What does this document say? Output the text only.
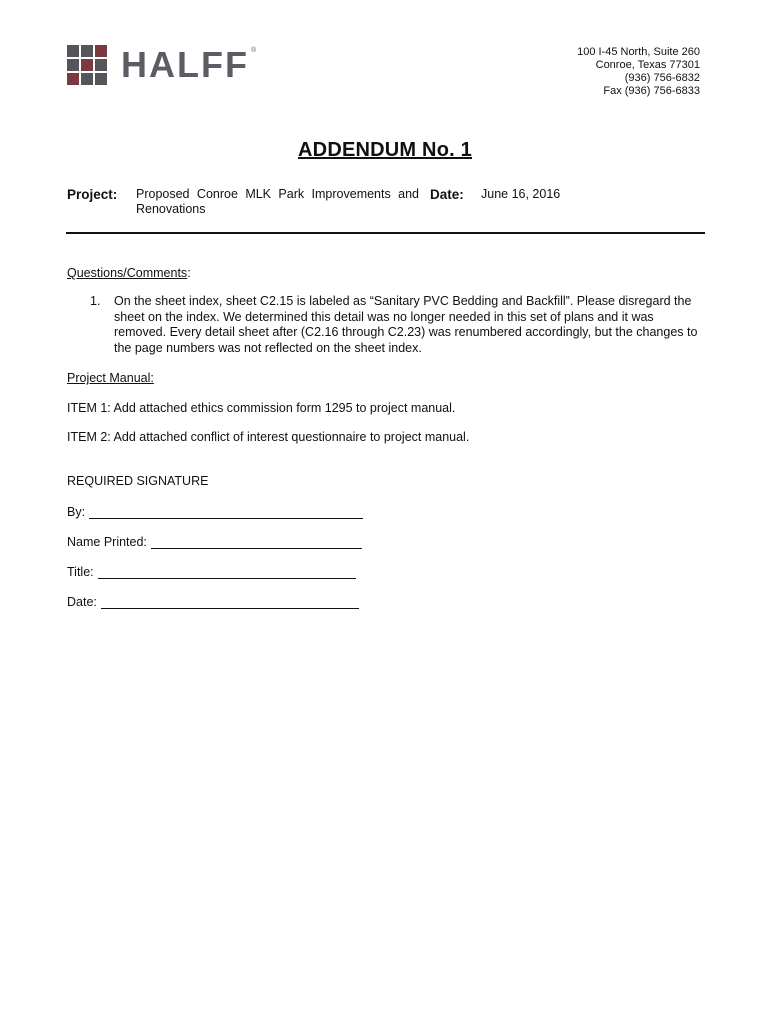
HALFF ®	100 I-45 North, Suite 260
Conroe, Texas 77301
(936) 756-6832
Fax (936) 756-6833
ADDENDUM No. 1
Project: Proposed Conroe MLK Park Improvements and Renovations
Date: June 16, 2016
Questions/Comments:
1. On the sheet index, sheet C2.15 is labeled as “Sanitary PVC Bedding and Backfill”. Please disregard the sheet on the index. We determined this detail was no longer needed in this set of plans and it was removed. Every detail sheet after (C2.16 through C2.23) was renumbered accordingly, but the changes to the page numbers was not reflected on the sheet index.
Project Manual:
ITEM 1: Add attached ethics commission form 1295 to project manual.
ITEM 2: Add attached conflict of interest questionnaire to project manual.
REQUIRED SIGNATURE
By:
Name Printed:
Title:
Date:
